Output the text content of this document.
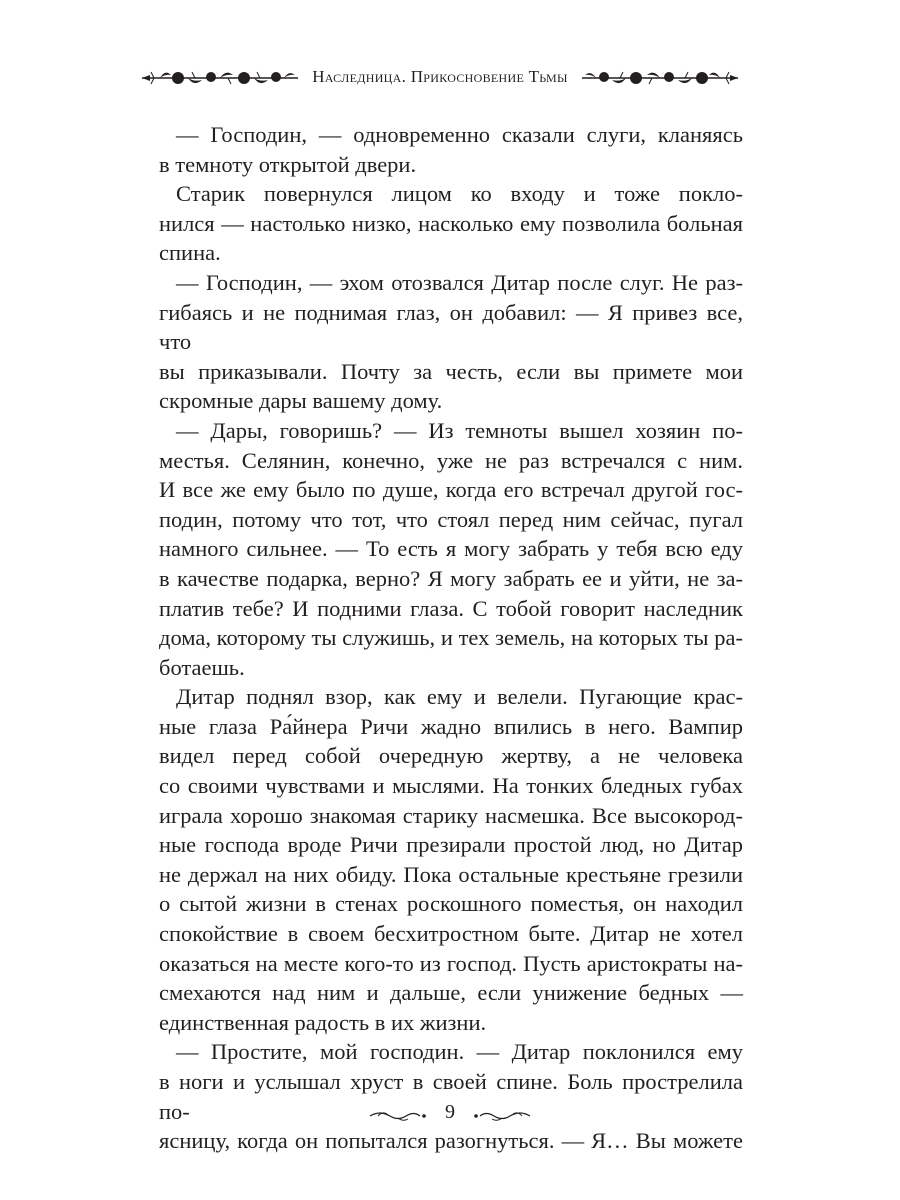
Наследница. Прикосновение Тьмы

— Господин, — одновременно сказали слуги, кланяясь

в темноту открытой двери.

Старик повернулся лицом ко входу и тоже покло-

нился — настолько низко, насколько ему позволила больная

спина.

— Господин, — эхом отозвался Дитар после слуг. Не раз-

гибаясь и не поднимая глаз, он добавил: — Я привез все, что

вы приказывали. Почту за честь, если вы примете мои

скромные дары вашему дому.

— Дары, говоришь? — Из темноты вышел хозяин по-

местья. Селянин, конечно, уже не раз встречался с ним.

И все же ему было по душе, когда его встречал другой гос-

подин, потому что тот, что стоял перед ним сейчас, пугал

намного сильнее. — То есть я могу забрать у тебя всю еду

в качестве подарка, верно? Я могу забрать ее и уйти, не за-

платив тебе? И подними глаза. С тобой говорит наследник

дома, которому ты служишь, и тех земель, на которых ты ра-

ботаешь.

Дитар поднял взор, как ему и велели. Пугающие крас-

ные глаза Ра́йнера Ричи жадно впились в него. Вампир

видел перед собой очередную жертву, а не человека

со своими чувствами и мыслями. На тонких бледных губах

играла хорошо знакомая старику насмешка. Все высокород-

ные господа вроде Ричи презирали простой люд, но Дитар

не держал на них обиду. Пока остальные крестьяне грезили

о сытой жизни в стенах роскошного поместья, он находил

спокойствие в своем бесхитростном быте. Дитар не хотел

оказаться на месте кого-то из господ. Пусть аристократы на-

смехаются над ним и дальше, если унижение бедных —

единственная радость в их жизни.

— Простите, мой господин. — Дитар поклонился ему

в ноги и услышал хруст в своей спине. Боль прострелила по-

ясницу, когда он попытался разогнуться. — Я… Вы можете

9
